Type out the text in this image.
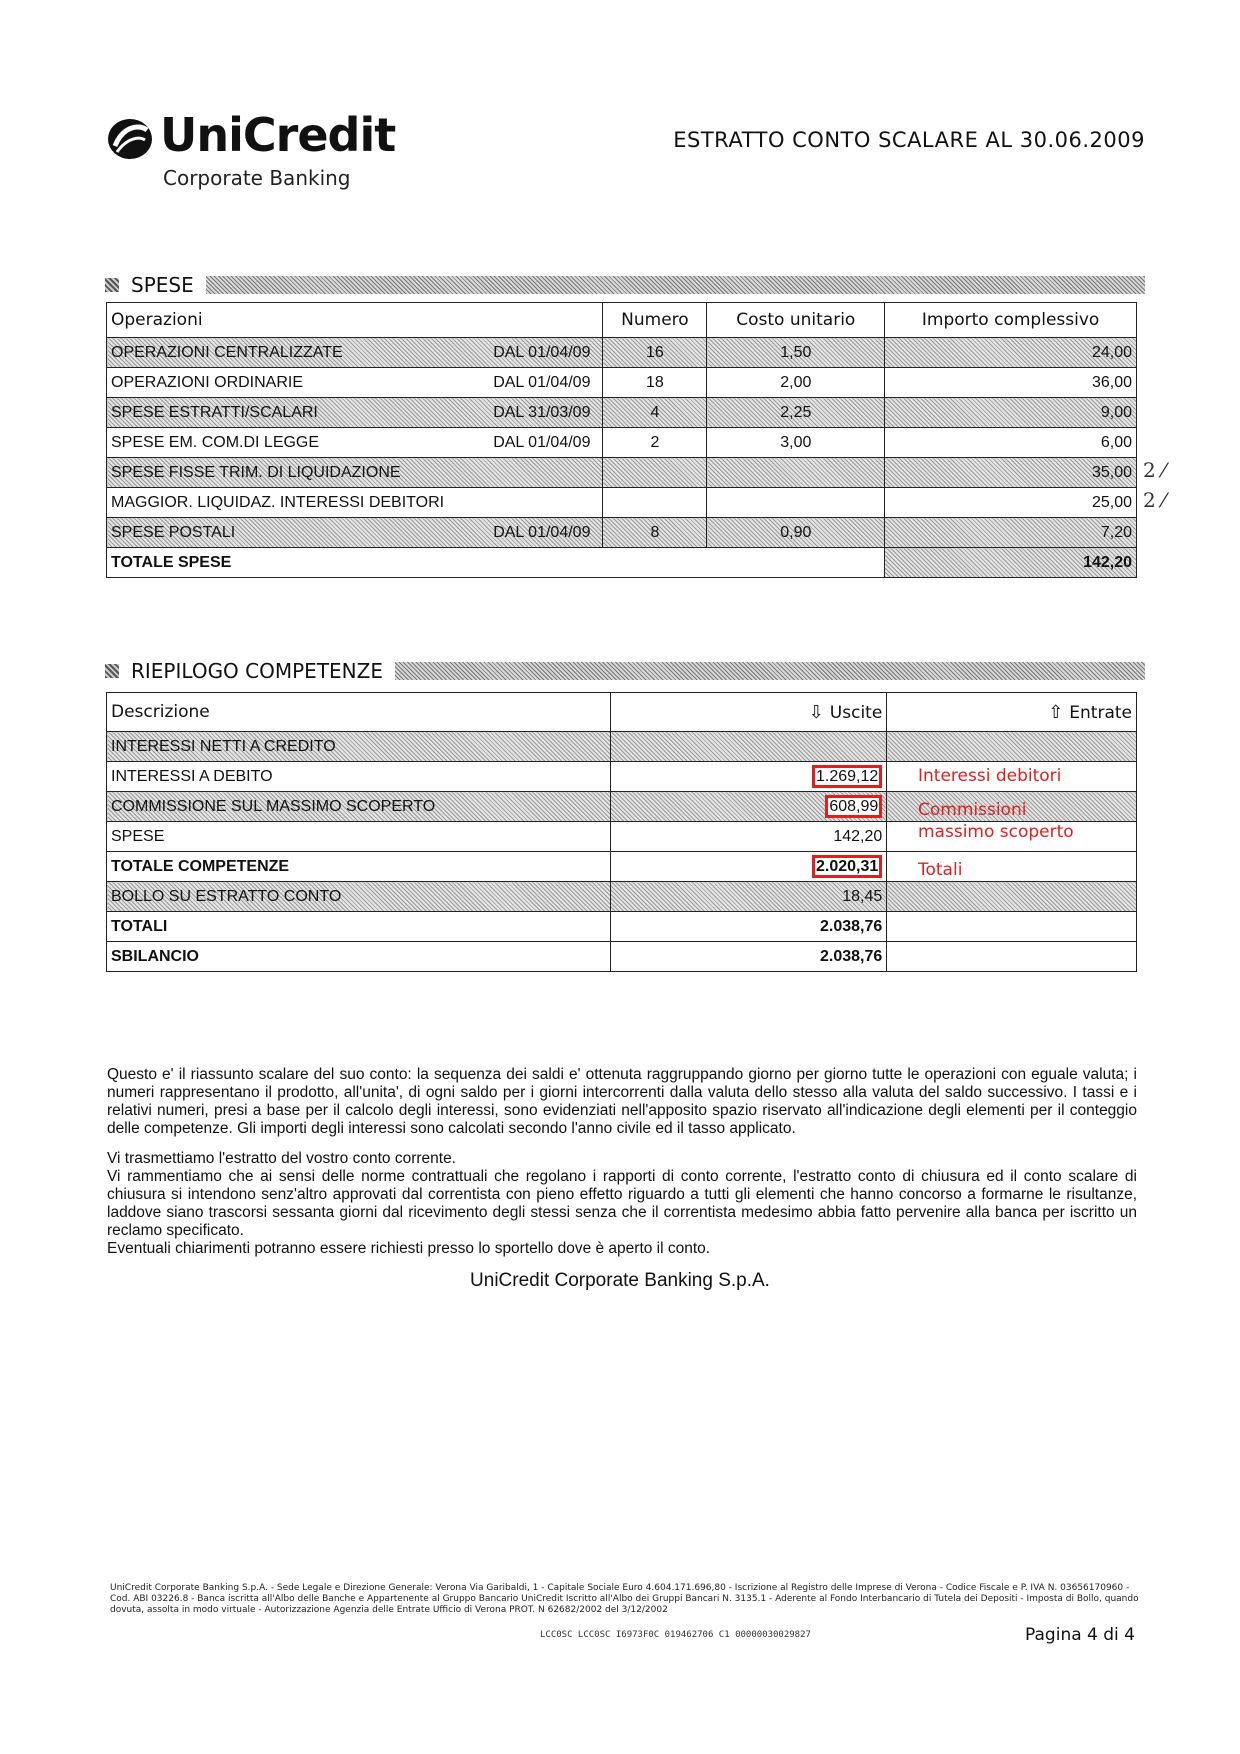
UniCredit
Corporate Banking
ESTRATTO CONTO SCALARE AL 30.06.2009
SPESE
Operazioni	Numero	Costo unitario	Importo complessivo
OPERAZIONI CENTRALIZZATE DAL 01/04/09	16	1,50	24,00
OPERAZIONI ORDINARIE DAL 01/04/09	18	2,00	36,00
SPESE ESTRATTI/SCALARI DAL 31/03/09	4	2,25	9,00
SPESE EM. COM.DI LEGGE DAL 01/04/09	2	3,00	6,00
SPESE FISSE TRIM. DI LIQUIDAZIONE			35,00
MAGGIOR. LIQUIDAZ. INTERESSI DEBITORI			25,00
SPESE POSTALI DAL 01/04/09	8	0,90	7,20
TOTALE SPESE			142,20
2 ⁄
2 ⁄
RIEPILOGO COMPETENZE
Descrizione	⇩ Uscite	⇧ Entrate
INTERESSI NETTI A CREDITO		
INTERESSI A DEBITO	1.269,12	
COMMISSIONE SUL MASSIMO SCOPERTO	608,99	
SPESE	142,20	
TOTALE COMPETENZE	2.020,31	
BOLLO SU ESTRATTO CONTO	18,45	
TOTALI	2.038,76	
SBILANCIO	2.038,76	
Interessi debitori
Commissioni
massimo scoperto
Totali

Questo e' il riassunto scalare del suo conto: la sequenza dei saldi e' ottenuta raggruppando giorno per giorno tutte le operazioni con eguale valuta; i numeri rappresentano il prodotto, all'unita', di ogni saldo per i giorni intercorrenti dalla valuta dello stesso alla valuta del saldo successivo. I tassi e i relativi numeri, presi a base per il calcolo degli interessi, sono evidenziati nell'apposito spazio riservato all'indicazione degli elementi per il conteggio delle competenze. Gli importi degli interessi sono calcolati secondo l'anno civile ed il tasso applicato.

Vi trasmettiamo l'estratto del vostro conto corrente.

Vi rammentiamo che ai sensi delle norme contrattuali che regolano i rapporti di conto corrente, l'estratto conto di chiusura ed il conto scalare di chiusura si intendono senz'altro approvati dal correntista con pieno effetto riguardo a tutti gli elementi che hanno concorso a formarne le risultanze, laddove siano trascorsi sessanta giorni dal ricevimento degli stessi senza che il correntista medesimo abbia fatto pervenire alla banca per iscritto un reclamo specificato.

Eventuali chiarimenti potranno essere richiesti presso lo sportello dove è aperto il conto.

UniCredit Corporate Banking S.p.A.
UniCredit Corporate Banking S.p.A. - Sede Legale e Direzione Generale: Verona Via Garibaldi, 1 - Capitale Sociale Euro 4.604.171.696,80 - Iscrizione al Registro delle Imprese di Verona - Codice Fiscale e P. IVA N. 03656170960 - Cod. ABI 03226.8 - Banca iscritta all'Albo delle Banche e Appartenente al Gruppo Bancario UniCredit Iscritto all'Albo dei Gruppi Bancari N. 3135.1 - Aderente al Fondo Interbancario di Tutela dei Depositi - Imposta di Bollo, quando dovuta, assolta in modo virtuale - Autorizzazione Agenzia delle Entrate Ufficio di Verona PROT. N 62682/2002 del 3/12/2002
LCC0SC LCC0SC I6973F0C 019462706 C1 00000030029827	Pagina 4 di 4
